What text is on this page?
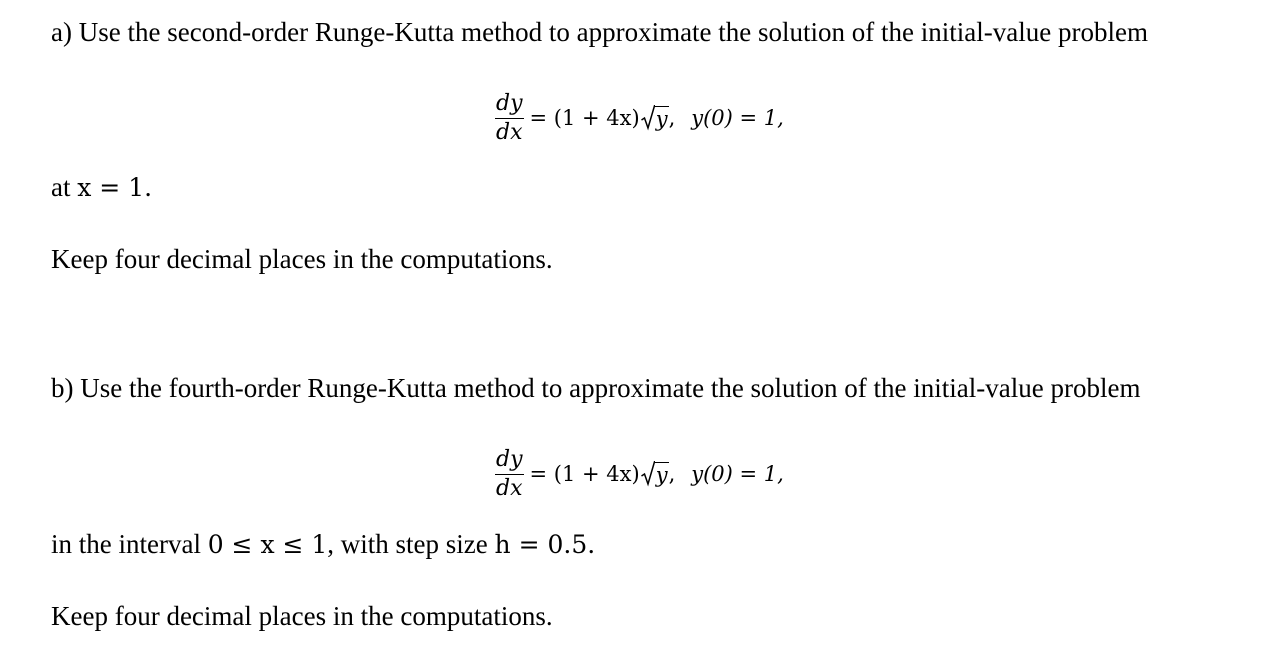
a) Use the second-order Runge-Kutta method to approximate the solution of the initial-value problem
$\frac{dy}{dx} = (1 + 4x)$ y , y(0) = 1,
at x = 1.
Keep four decimal places in the computations.
b) Use the fourth-order Runge-Kutta method to approximate the solution of the initial-value problem
$\frac{dy}{dx} = (1 + 4x)$ y , y(0) = 1,
in the interval 0 ≤ x ≤ 1, with step size h = 0.5.
Keep four decimal places in the computations.
